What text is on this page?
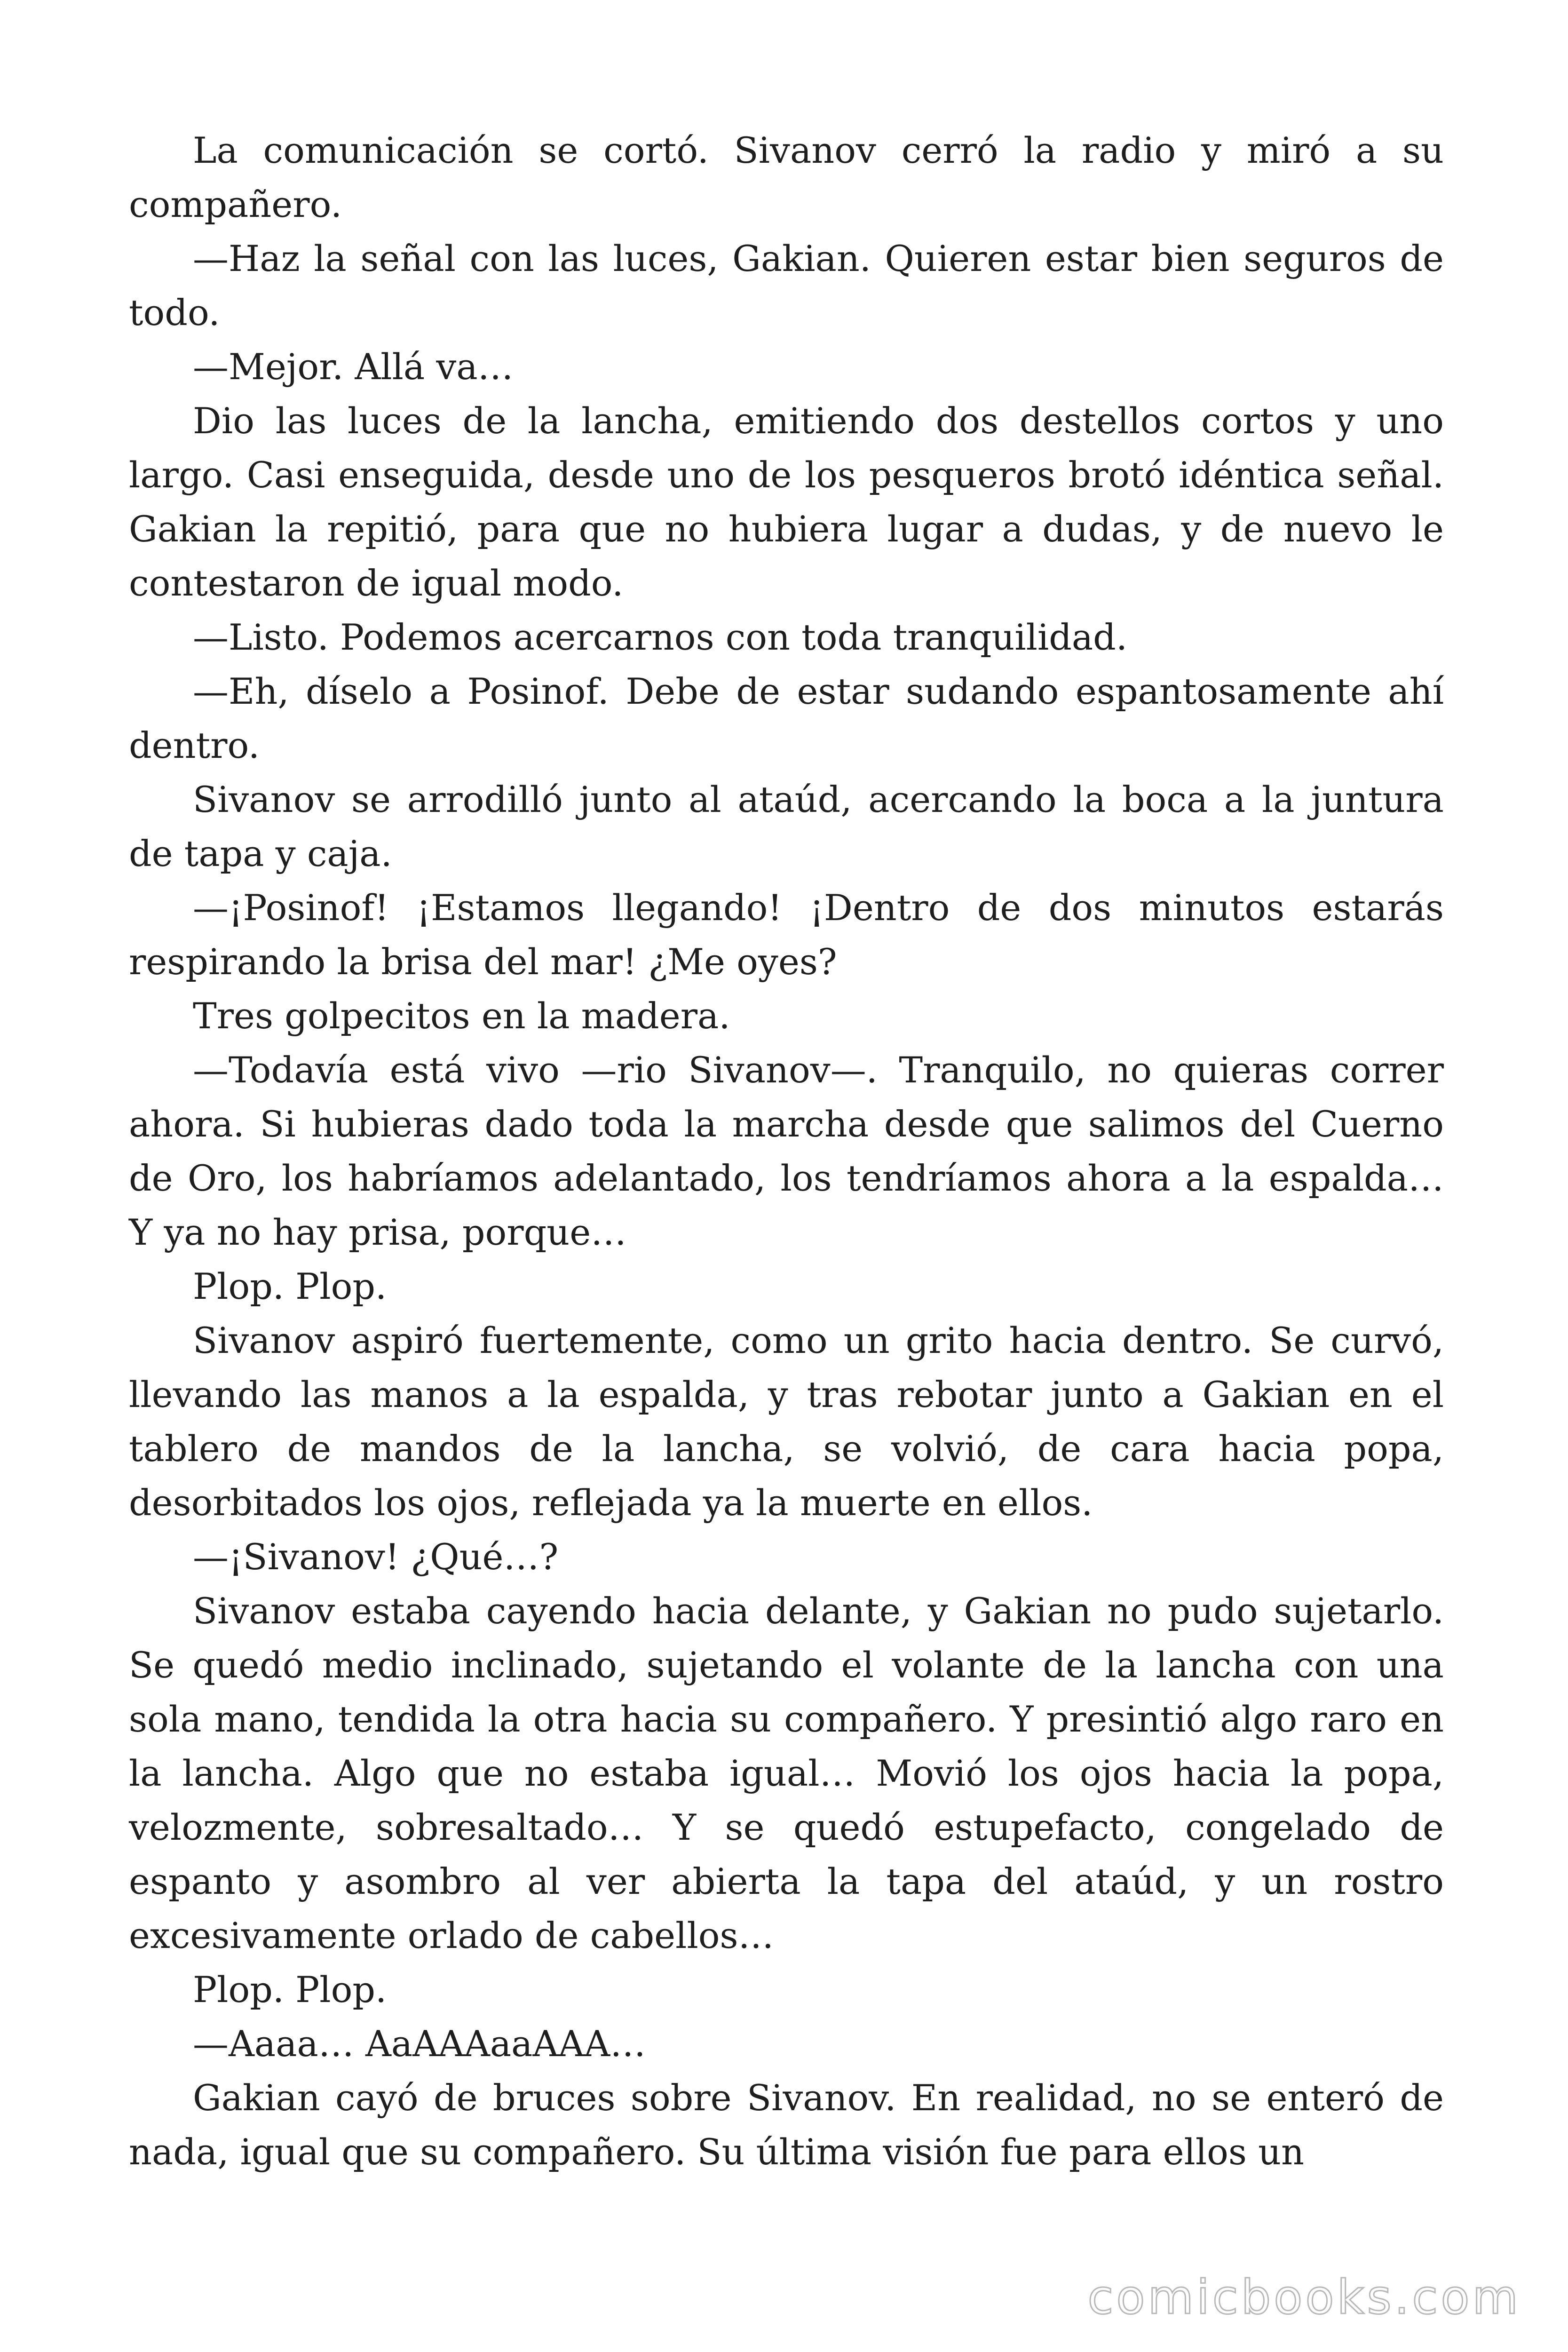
La comunicación se cortó. Sivanov cerró la radio y miró a su compañero.

—Haz la señal con las luces, Gakian. Quieren estar bien seguros de todo.

—Mejor. Allá va…

Dio las luces de la lancha, emitiendo dos destellos cortos y uno largo. Casi enseguida, desde uno de los pesqueros brotó idéntica señal. Gakian la repitió, para que no hubiera lugar a dudas, y de nuevo le contestaron de igual modo.

—Listo. Podemos acercarnos con toda tranquilidad.

—Eh, díselo a Posinof. Debe de estar sudando espantosamente ahí dentro.

Sivanov se arrodilló junto al ataúd, acercando la boca a la juntura de tapa y caja.

—¡Posinof! ¡Estamos llegando! ¡Dentro de dos minutos estarás respirando la brisa del mar! ¿Me oyes?

Tres golpecitos en la madera.

—Todavía está vivo —rio Sivanov—. Tranquilo, no quieras correr ahora. Si hubieras dado toda la marcha desde que salimos del Cuerno de Oro, los habríamos adelantado, los tendríamos ahora a la espalda… Y ya no hay prisa, porque…

Plop. Plop.

Sivanov aspiró fuertemente, como un grito hacia dentro. Se curvó, llevando las manos a la espalda, y tras rebotar junto a Gakian en el tablero de mandos de la lancha, se volvió, de cara hacia popa, desorbitados los ojos, reflejada ya la muerte en ellos.

—¡Sivanov! ¿Qué…?

Sivanov estaba cayendo hacia delante, y Gakian no pudo sujetarlo. Se quedó medio inclinado, sujetando el volante de la lancha con una sola mano, tendida la otra hacia su compañero. Y presintió algo raro en la lancha. Algo que no estaba igual… Movió los ojos hacia la popa, velozmente, sobresaltado… Y se quedó estupefacto, congelado de espanto y asombro al ver abierta la tapa del ataúd, y un rostro excesivamente orlado de cabellos…

Plop. Plop.

—Aaaa… AaAAAaaAAA…

Gakian cayó de bruces sobre Sivanov. En realidad, no se enteró de nada, igual que su compañero. Su última visión fue para ellos un

comicbooks.com
